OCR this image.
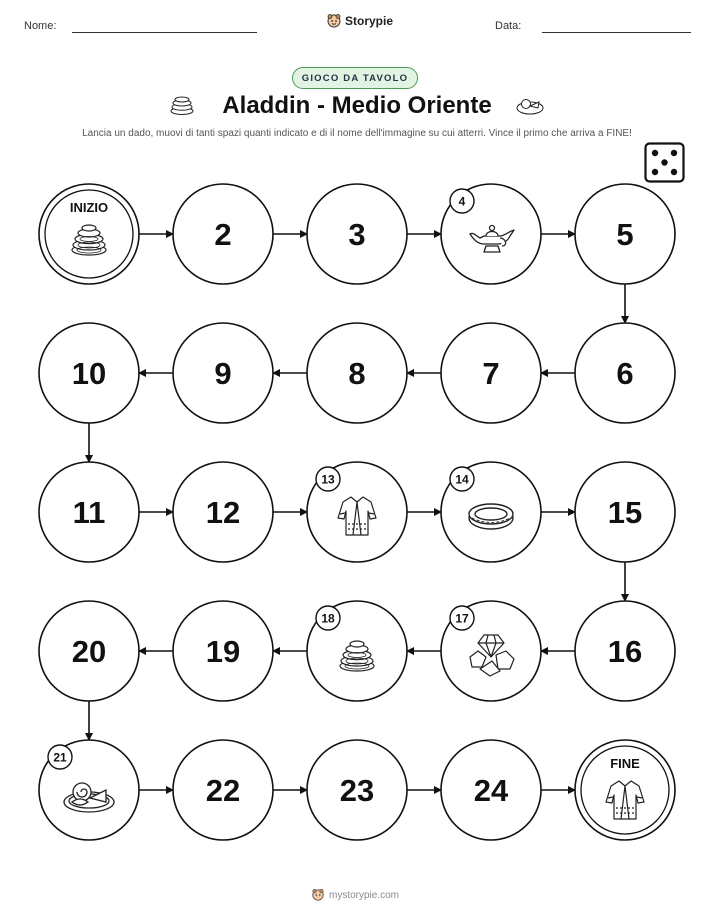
Nome:	Storypie	Data:
GIOCO DA TAVOLO
Aladdin - Medio Oriente
Lancia un dado, muovi di tanti spazi quanti indicato e di il nome dell'immagine su cui atterri. Vince il primo che arriva a FINE!
INIZIO
2	3
4
5
6
7
8
9
10
11	12
13	14
15
16
17
18
19
20
21
22	23	24
FINE
mystorypie.com
